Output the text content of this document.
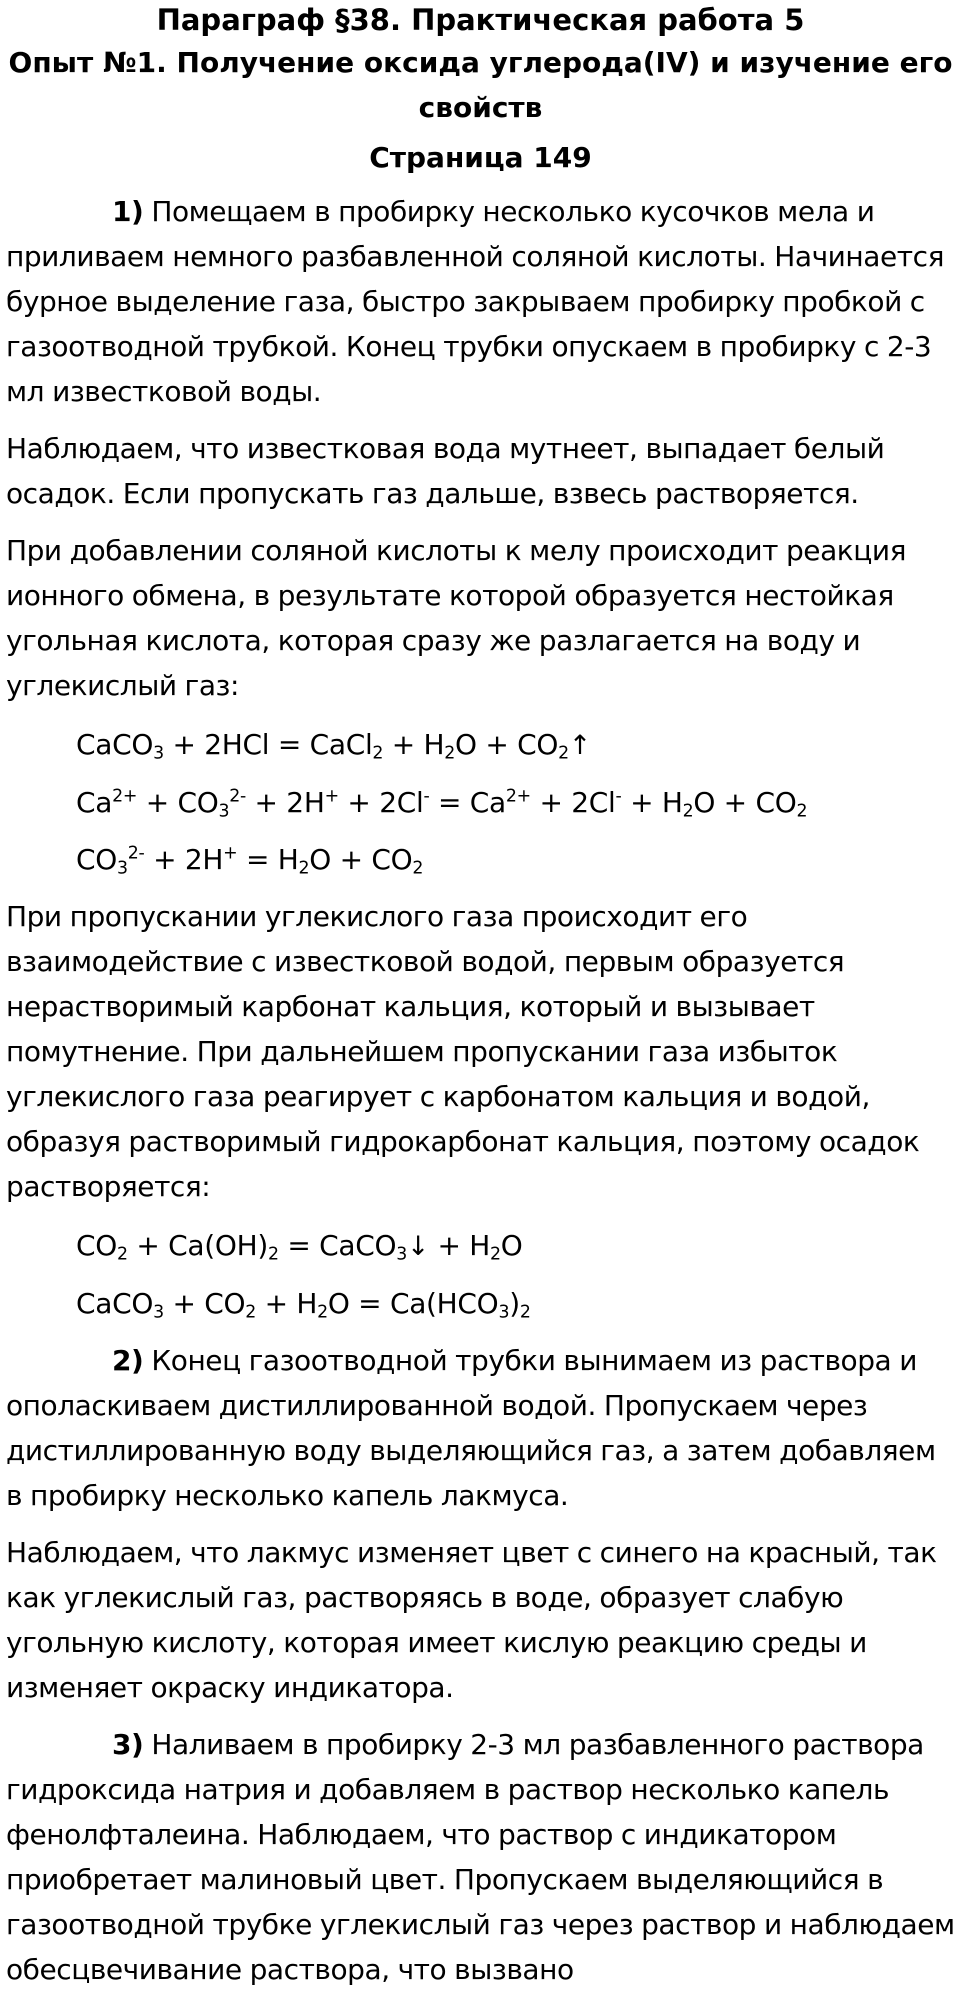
Параграф §38. Практическая работа 5
Опыт №1. Получение оксида углерода(IV) и изучение его свойств
Страница 149

1) Помещаем в пробирку несколько кусочков мела и приливаем немного разбавленной соляной кислоты. Начинается бурное выделение газа, быстро закрываем пробирку пробкой с газоотводной трубкой. Конец трубки опускаем в пробирку с 2-3 мл известковой воды.

Наблюдаем, что известковая вода мутнеет, выпадает белый осадок. Если пропускать газ дальше, взвесь растворяется.

При добавлении соляной кислоты к мелу происходит реакция ионного обмена, в результате которой образуется нестойкая угольная кислота, которая сразу же разлагается на воду и углекислый газ:

CaCO$_3$ + 2HCl = CaCl$_2$ + $H_2O$ + $CO_2↑$
$Ca^{2+} + CO_3^{2-} + 2H^+ + 2Cl^- = Ca^{2+} + 2Cl^- + H_2O + CO_2$
$CO_3^{2-} + 2H^+ = H_2O + CO_2$

При пропускании углекислого газа происходит его взаимодействие с известковой водой, первым образуется нерастворимый карбонат кальция, который и вызывает помутнение. При дальнейшем пропускании газа избыток углекислого газа реагирует с карбонатом кальция и водой, образуя растворимый гидрокарбонат кальция, поэтому осадок растворяется:

$CO_2 + Ca(OH)_2$ = CaCO$_3$↓ + $H_2O$
CaCO$_3$ + $CO_2 + H_2O = Ca(HCO_3)_2$

2) Конец газоотводной трубки вынимаем из раствора и ополаскиваем дистиллированной водой. Пропускаем через дистиллированную воду выделяющийся газ, а затем добавляем в пробирку несколько капель лакмуса.

Наблюдаем, что лакмус изменяет цвет с синего на красный, так как углекислый газ, растворяясь в воде, образует слабую угольную кислоту, которая имеет кислую реакцию среды и изменяет окраску индикатора.

3) Наливаем в пробирку 2-3 мл разбавленного раствора гидроксида натрия и добавляем в раствор несколько капель фенолфталеина. Наблюдаем, что раствор с индикатором приобретает малиновый цвет. Пропускаем выделяющийся в газоотводной трубке углекислый газ через раствор и наблюдаем обесцвечивание раствора, что вызвано
